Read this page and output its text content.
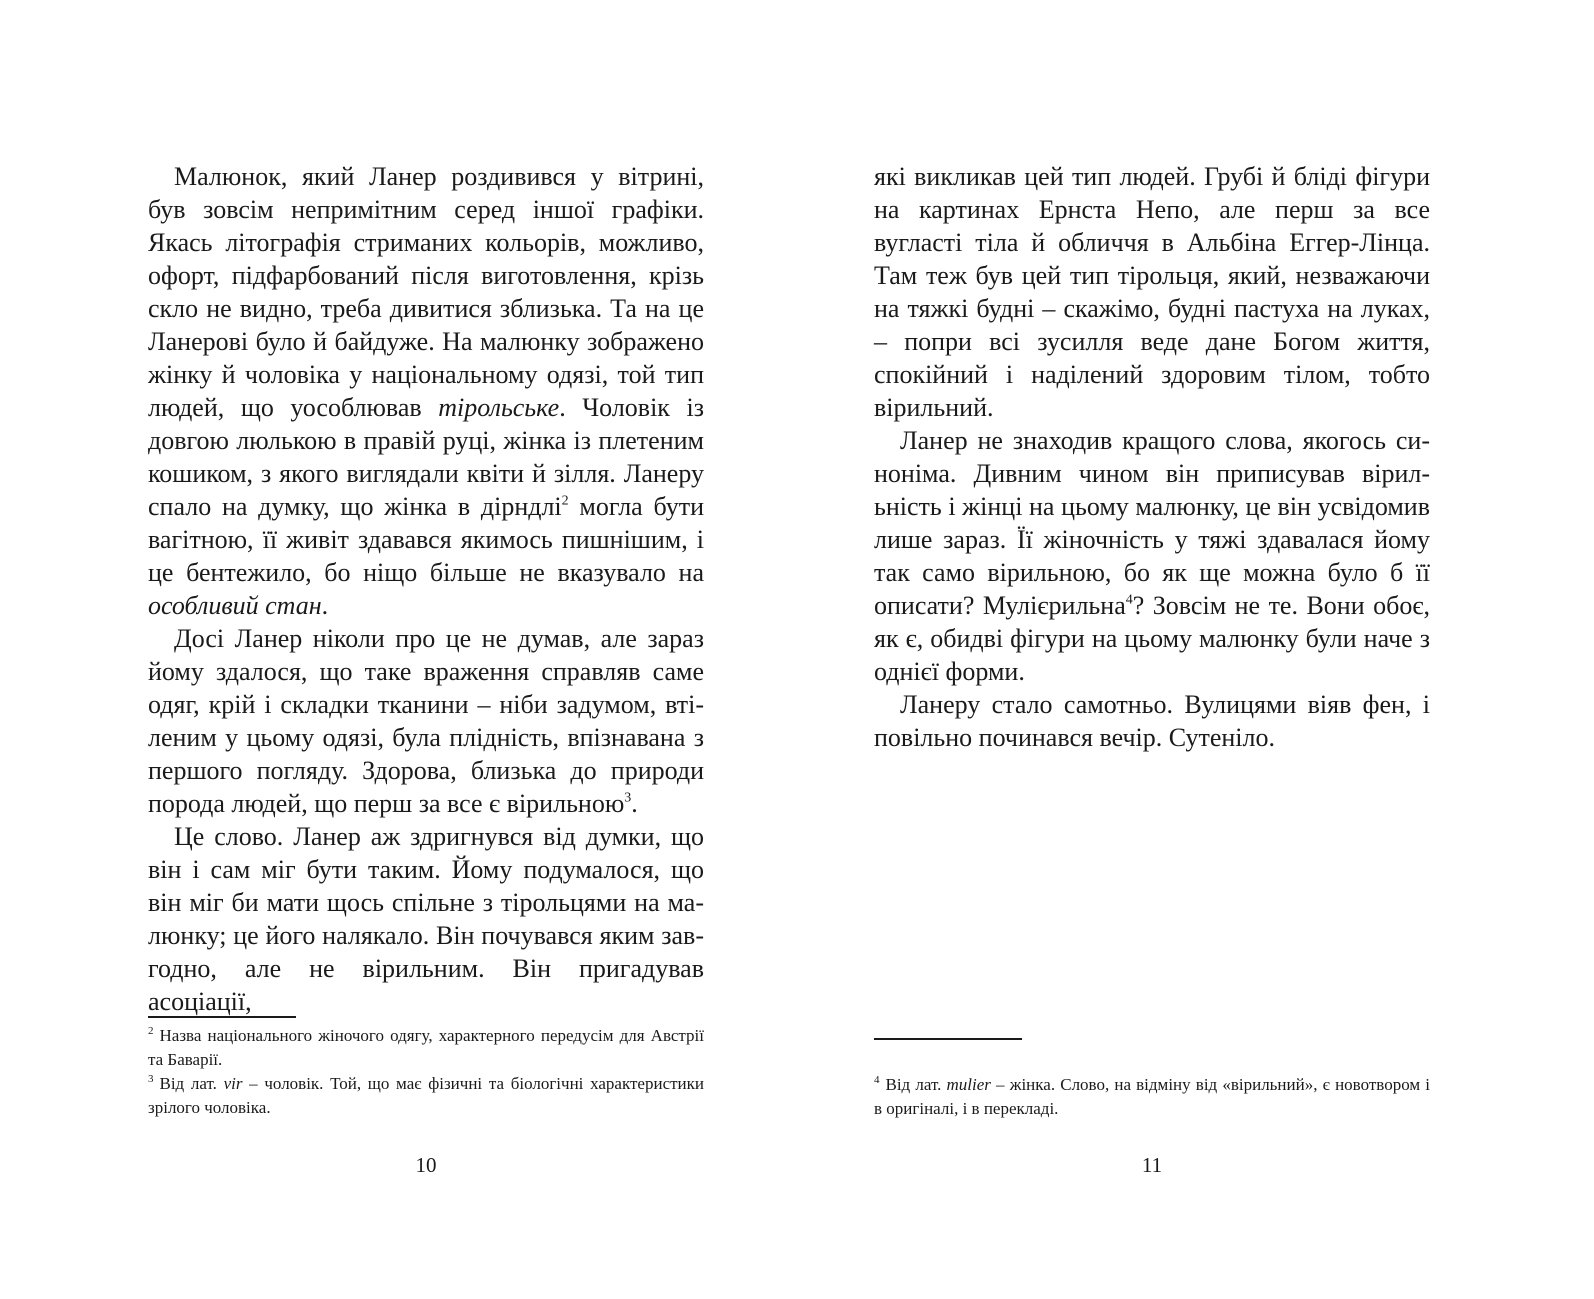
Малюнок, який Ланер роздивився у вітрині, був зовсім непримітним серед іншої графіки. Якась літографія стриманих кольорів, можливо, офорт, підфарбований після виготовлення, крізь скло не видно, треба дивитися зблизька. Та на це Ланерові було й байдуже. На малюнку зображено жінку й чоловіка у національному одязі, той тип людей, що уособлював тірольське. Чоловік із довгою люлькою в правій руці, жінка із плетеним кошиком, з якого виглядали квіти й зілля. Ланеру спало на думку, що жінка в дірндлі$^2$ могла бути вагітною, її живіт здавався якимось пишнішим, і це бентежило, бо ніщо більше не вказувало на особливий стан.

Досі Ланер ніколи про це не думав, але зараз йому здалося, що таке враження справляв саме одяг, крій і складки тканини – ніби задумом, втіленим у цьому одязі, була плідність, впізнавана з першого погляду. Здорова, близька до природи порода людей, що перш за все є вірильною$^3$.

Це слово. Ланер аж здригнувся від думки, що він і сам міг бути таким. Йому подумалося, що він міг би мати щось спільне з тірольцями на малюнку; це його налякало. Він почувався яким завгодно, але не вірильним. Він пригадував асоціації,

$^2$ Назва національного жіночого одягу, характерного передусім для Австрії та Баварії.

$^3$ Від лат. vir – чоловік. Той, що має фізичні та біологічні характеристики зрілого чоловіка.

10

які викликав цей тип людей. Грубі й бліді фігури на картинах Ернста Непо, але перш за все вугласті тіла й обличчя в Альбіна Еггер-Лінца. Там теж був цей тип тірольця, який, незважаючи на тяжкі будні – скажімо, будні пастуха на луках, – попри всі зусилля веде дане Богом життя, спокійний і наділений здоровим тілом, тобто вірильний.

Ланер не знаходив кращого слова, якогось синоніма. Дивним чином він приписував вірильність і жінці на цьому малюнку, це він усвідомив лише зараз. Її жіночність у тяжі здавалася йому так само вірильною, бо як ще можна було б її описати? Мулієрильна$^4$? Зовсім не те. Вони обоє, як є, обидві фігури на цьому малюнку були наче з однієї форми.

Ланеру стало самотньо. Вулицями віяв фен, і повільно починався вечір. Сутеніло.

$^4$ Від лат. mulier – жінка. Слово, на відміну від «вірильний», є новотвором і в оригіналі, і в перекладі.

11
